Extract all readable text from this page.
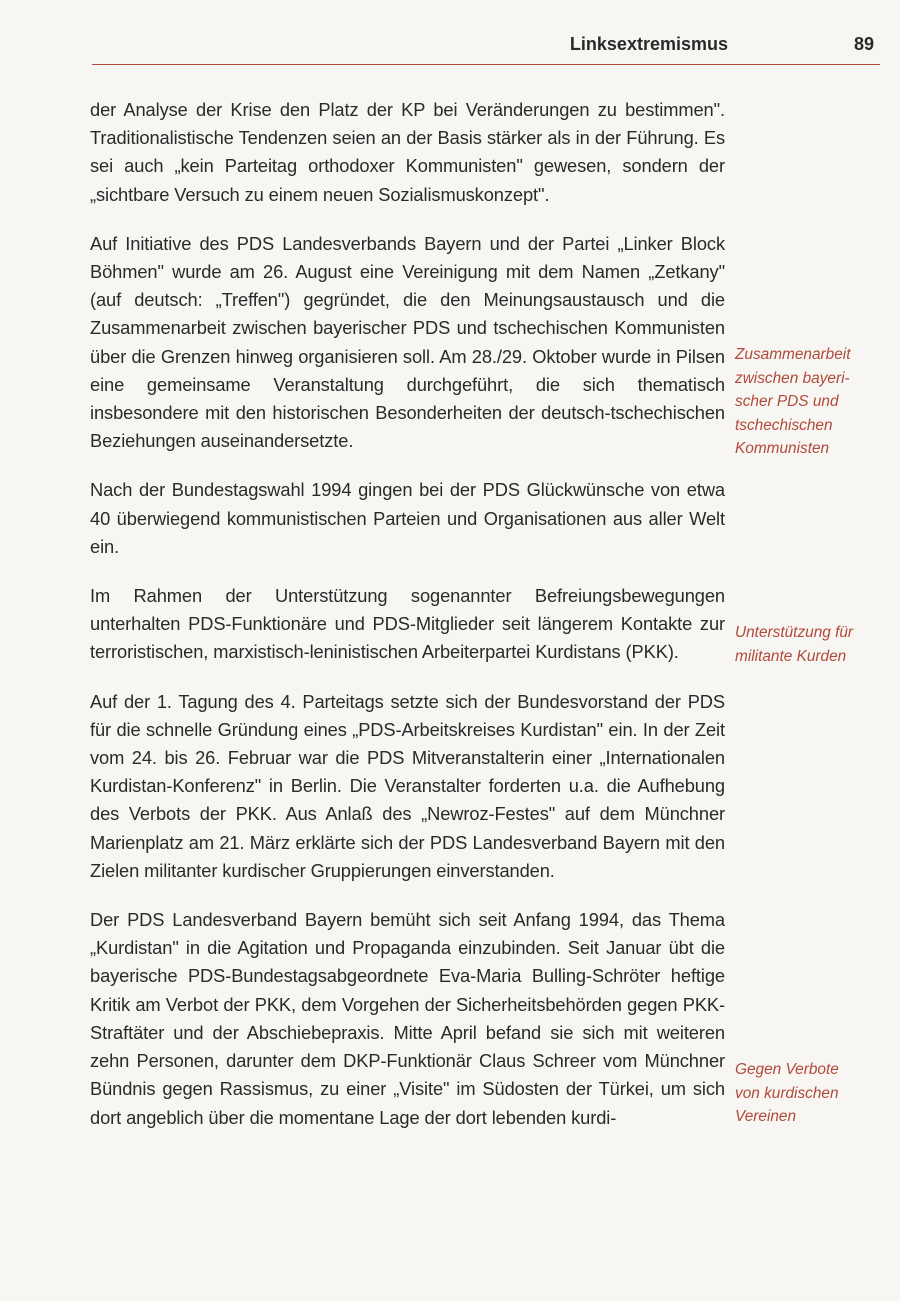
Linksextremismus	89

der Analyse der Krise den Platz der KP bei Veränderungen zu bestimmen". Traditionalistische Tendenzen seien an der Basis stärker als in der Führung. Es sei auch „kein Parteitag orthodoxer Kommunisten" gewesen, sondern der „sichtbare Versuch zu einem neuen Sozialismuskonzept".

Auf Initiative des PDS Landesverbands Bayern und der Partei „Linker Block Böhmen" wurde am 26. August eine Vereinigung mit dem Namen „Zetkany" (auf deutsch: „Treffen") gegründet, die den Meinungsaustausch und die Zusammenarbeit zwischen bayerischer PDS und tschechischen Kommunisten über die Grenzen hinweg organisieren soll. Am 28./29. Oktober wurde in Pilsen eine gemeinsame Veranstaltung durchgeführt, die sich thematisch insbesondere mit den historischen Besonderheiten der deutsch-tschechischen Beziehungen auseinandersetzte.

Nach der Bundestagswahl 1994 gingen bei der PDS Glückwünsche von etwa 40 überwiegend kommunistischen Parteien und Organisationen aus aller Welt ein.

Im Rahmen der Unterstützung sogenannter Befreiungsbewegungen unterhalten PDS-Funktionäre und PDS-Mitglieder seit längerem Kontakte zur terroristischen, marxistisch-leninistischen Arbeiterpartei Kurdistans (PKK).

Auf der 1. Tagung des 4. Parteitags setzte sich der Bundesvorstand der PDS für die schnelle Gründung eines „PDS-Arbeitskreises Kurdistan" ein. In der Zeit vom 24. bis 26. Februar war die PDS Mitveranstalterin einer „Internationalen Kurdistan-Konferenz" in Berlin. Die Veranstalter forderten u.a. die Aufhebung des Verbots der PKK. Aus Anlaß des „Newroz-Festes" auf dem Münchner Marienplatz am 21. März erklärte sich der PDS Landesverband Bayern mit den Zielen militanter kurdischer Gruppierungen einverstanden.

Der PDS Landesverband Bayern bemüht sich seit Anfang 1994, das Thema „Kurdistan" in die Agitation und Propaganda einzubinden. Seit Januar übt die bayerische PDS-Bundestagsabgeordnete Eva-Maria Bulling-Schröter heftige Kritik am Verbot der PKK, dem Vorgehen der Sicherheitsbehörden gegen PKK-Straftäter und der Abschiebepraxis. Mitte April befand sie sich mit weiteren zehn Personen, darunter dem DKP-Funktionär Claus Schreer vom Münchner Bündnis gegen Rassismus, zu einer „Visite" im Südosten der Türkei, um sich dort angeblich über die momentane Lage der dort lebenden kurdi-

Zusammenarbeit
zwischen bayeri-
scher PDS und
tschechischen
Kommunisten
Unterstützung für
militante Kurden
Gegen Verbote
von kurdischen
Vereinen
